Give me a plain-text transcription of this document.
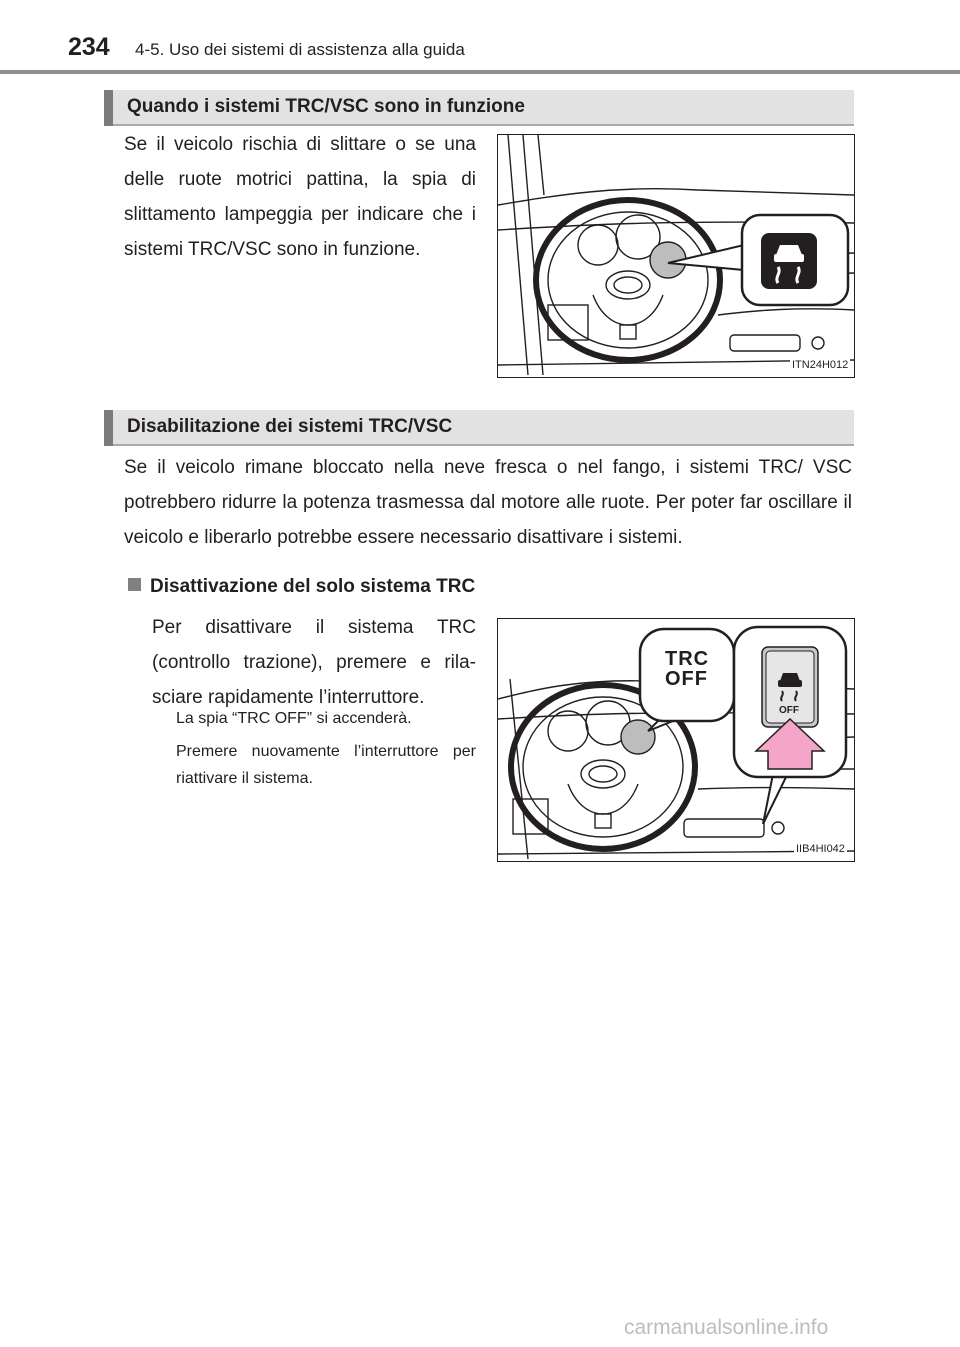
234 4-5. Uso dei sistemi di assistenza alla guida
Quando i sistemi TRC/VSC sono in funzione
Se il veicolo rischia di slittare o se una delle ruote motrici pattina, la spia di slittamento lampeggia per indicare che i sistemi TRC/VSC sono in funzione.
ITN24H012
Disabilitazione dei sistemi TRC/VSC
Se il veicolo rimane bloccato nella neve fresca o nel fango, i sistemi TRC/ VSC potrebbero ridurre la potenza trasmessa dal motore alle ruote. Per poter far oscillare il veicolo e liberarlo potrebbe essere necessario disattivare i sistemi.
Disattivazione del solo sistema TRC
Per disattivare il sistema TRC (controllo trazione), premere e rila- sciare rapidamente l’interruttore.
La spia “TRC OFF” si accenderà.
Premere nuovamente l’interruttore per riattivare il sistema.
TRC
OFF
OFF
IIB4HI042
carmanualsonline.info
